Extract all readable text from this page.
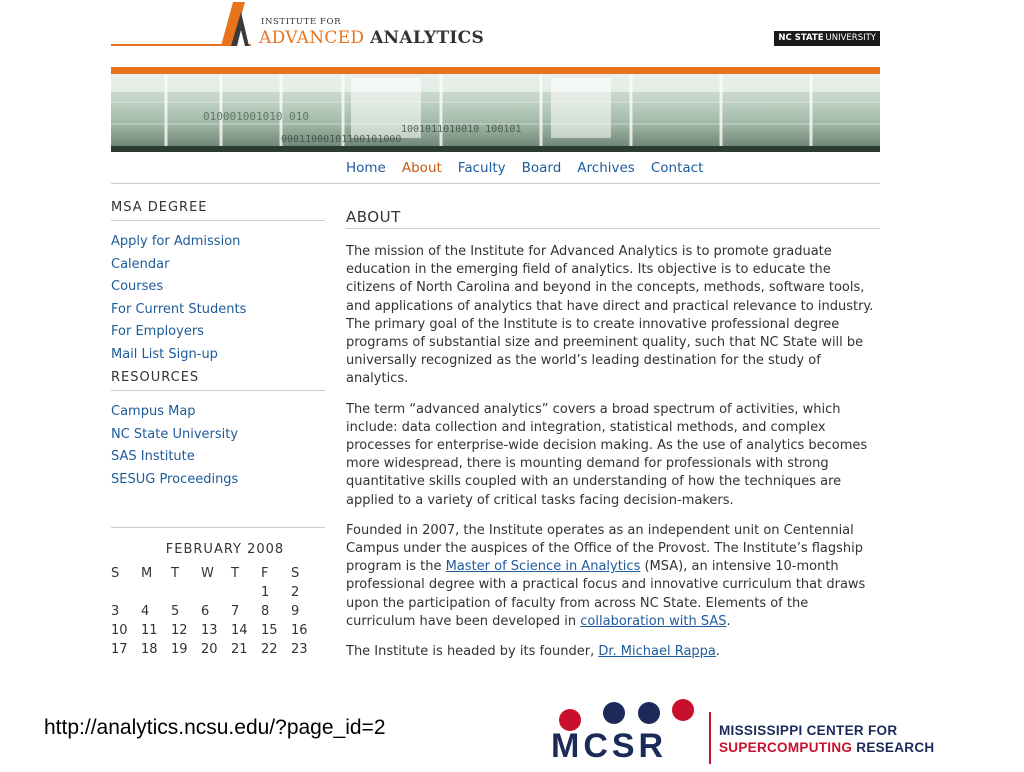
INSTITUTE FOR
ADVANCED ANALYTICS	NC STATE UNIVERSITY
010001001010 010
1001011010010 100101
00011000101100101000
Home About Faculty Board Archives Contact
MSA DEGREE
Apply for Admission
Calendar
Courses
For Current Students
For Employers
Mail List Sign-up
RESOURCES
Campus Map
NC State University
SAS Institute
SESUG Proceedings
FEBRUARY 2008
S	M	T	W	T	F	S
					1	2
3	4	5	6	7	8	9
10	11	12	13	14	15	16
17	18	19	20	21	22	23
ABOUT

The mission of the Institute for Advanced Analytics is to promote graduate education in the emerging field of analytics. Its objective is to educate the citizens of North Carolina and beyond in the concepts, methods, software tools, and applications of analytics that have direct and practical relevance to industry. The primary goal of the Institute is to create innovative professional degree programs of substantial size and preeminent quality, such that NC State will be universally recognized as the world’s leading destination for the study of analytics.

The term “advanced analytics” covers a broad spectrum of activities, which include: data collection and integration, statistical methods, and complex processes for enterprise-wide decision making. As the use of analytics becomes more widespread, there is mounting demand for professionals with strong quantitative skills coupled with an understanding of how the techniques are applied to a variety of critical tasks facing decision-makers.

Founded in 2007, the Institute operates as an independent unit on Centennial Campus under the auspices of the Office of the Provost. The Institute’s flagship program is the Master of Science in Analytics (MSA), an intensive 10-month professional degree with a practical focus and innovative curriculum that draws upon the participation of faculty from across NC State. Elements of the curriculum have been developed in collaboration with SAS.

The Institute is headed by its founder, Dr. Michael Rappa.

http://analytics.ncsu.edu/?page_id=2	MCSR	MISSISSIPPI CENTER FOR
SUPERCOMPUTING RESEARCH
